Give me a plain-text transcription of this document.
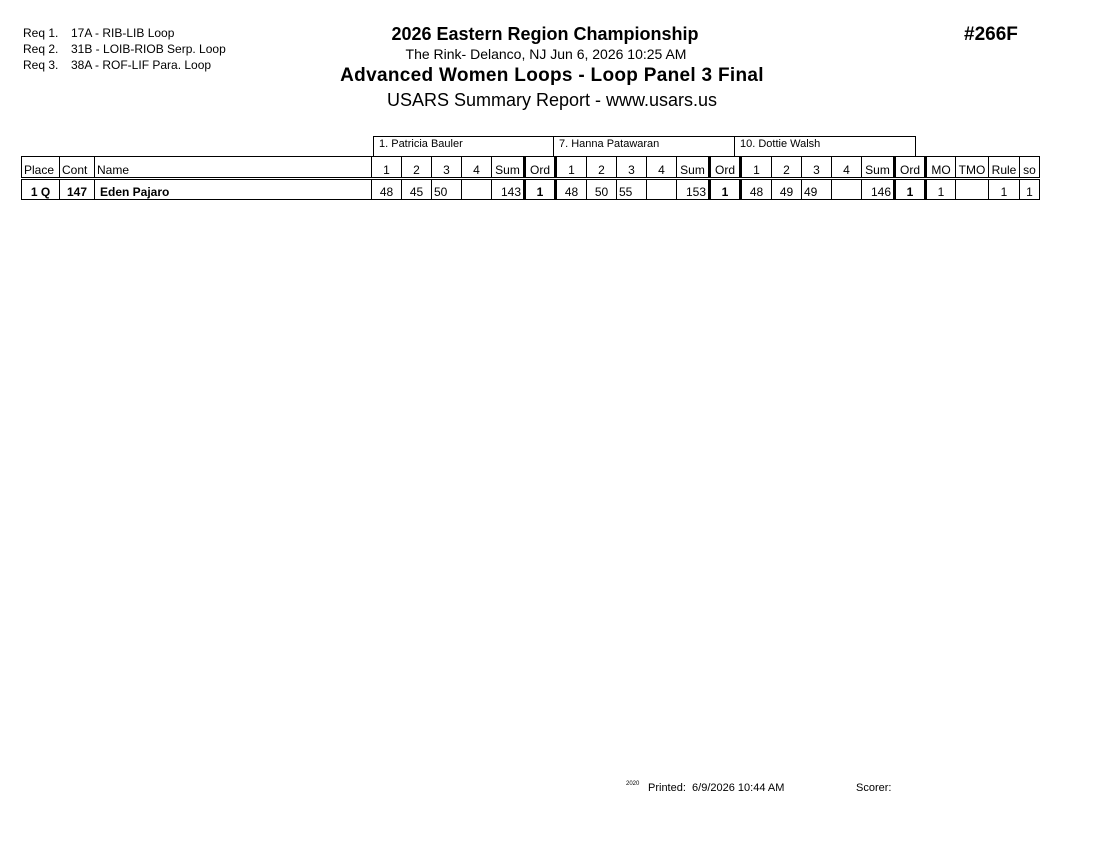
Req 1. 17A - RIB-LIB Loop
Req 2. 31B - LOIB-RIOB Serp. Loop
Req 3. 38A - ROF-LIF Para. Loop
#266F
2026 Eastern Region Championship
The Rink- Delanco, NJ Jun 6, 2026 10:25 AM
Advanced Women Loops - Loop Panel 3 Final
USARS Summary Report - www.usars.us
1. Patricia Bauler	7. Hanna Patawaran	10. Dottie Walsh
Place	Cont	Name	1	2	3	4	Sum	Ord	1	2	3	4	Sum	Ord	1	2	3	4	Sum	Ord	MO	TMO	Rule	so
1 Q	147	Eden Pajaro	48	45	50		143	1	48	50	55		153	1	48	49	49		146	1	1		1	1
2020 Printed: 6/9/2026 10:44 AM	Scorer:
